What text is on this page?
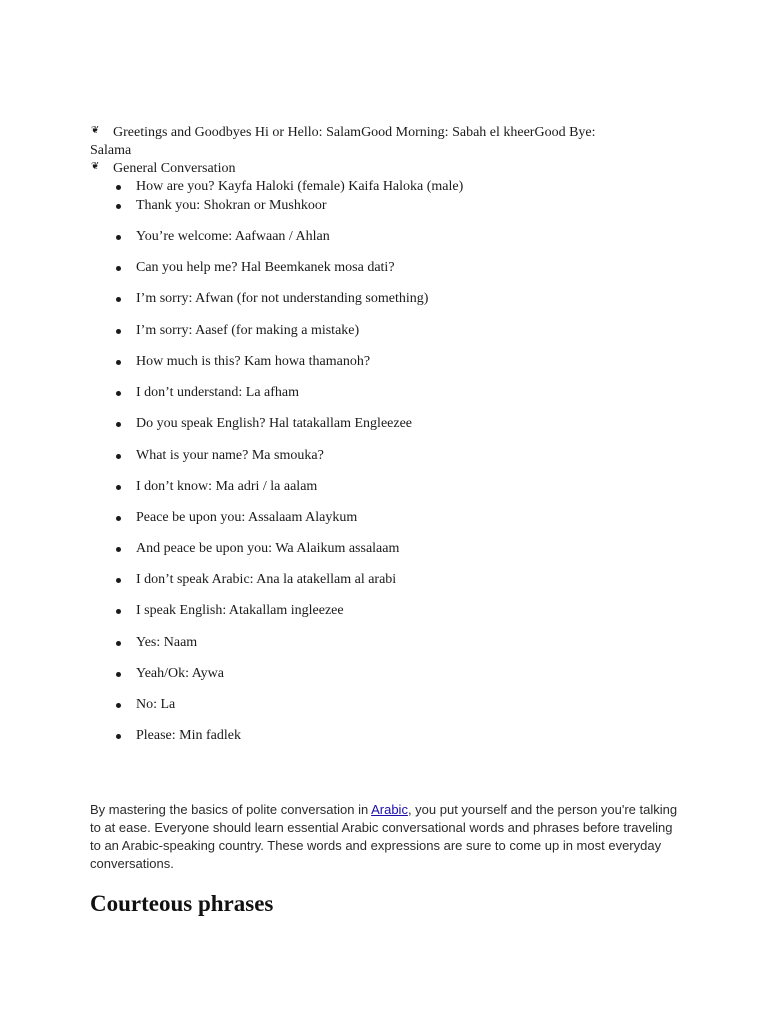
❦ Greetings and Goodbyes Hi or Hello: SalamGood Morning: Sabah el kheerGood Bye:
Salama
❦ General Conversation
How are you? Kayfa Haloki (female) Kaifa Haloka (male)
Thank you: Shokran or Mushkoor
You’re welcome: Aafwaan / Ahlan
Can you help me? Hal Beemkanek mosa dati?
I’m sorry: Afwan (for not understanding something)
I’m sorry: Aasef (for making a mistake)
How much is this? Kam howa thamanoh?
I don’t understand: La afham
Do you speak English? Hal tatakallam Engleezee
What is your name? Ma smouka?
I don’t know: Ma adri / la aalam
Peace be upon you: Assalaam Alaykum
And peace be upon you: Wa Alaikum assalaam
I don’t speak Arabic: Ana la atakellam al arabi
I speak English: Atakallam ingleezee
Yes: Naam
Yeah/Ok: Aywa
No: La
Please: Min fadlek

By mastering the basics of polite conversation in Arabic, you put yourself and the person you're talking to at ease. Everyone should learn essential Arabic conversational words and phrases before traveling to an Arabic-speaking country. These words and expressions are sure to come up in most everyday conversations.

Courteous phrases
